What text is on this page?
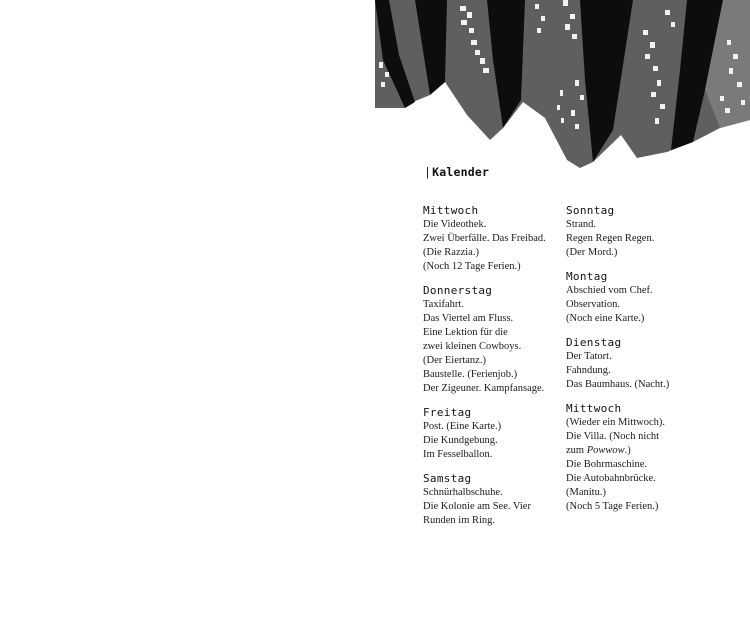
|Kalender
Mittwoch
Die Videothek.
Zwei Überfälle. Das Freibad.
(Die Razzia.)
(Noch 12 Tage Ferien.)
Donnerstag
Taxifahrt.
Das Viertel am Fluss.
Eine Lektion für die
zwei kleinen Cowboys.
(Der Eiertanz.)
Baustelle. (Ferienjob.)
Der Zigeuner. Kampfansage.
Freitag
Post. (Eine Karte.)
Die Kundgebung.
Im Fesselballon.
Samstag
Schnürhalbschuhe.
Die Kolonie am See. Vier
Runden im Ring.
Sonntag
Strand.
Regen Regen Regen.
(Der Mord.)
Montag
Abschied vom Chef.
Observation.
(Noch eine Karte.)
Dienstag
Der Tatort.
Fahndung.
Das Baumhaus. (Nacht.)
Mittwoch
(Wieder ein Mittwoch).
Die Villa. (Noch nicht
zum Powwow.)
Die Bohrmaschine.
Die Autobahnbrücke.
(Manitu.)
(Noch 5 Tage Ferien.)
